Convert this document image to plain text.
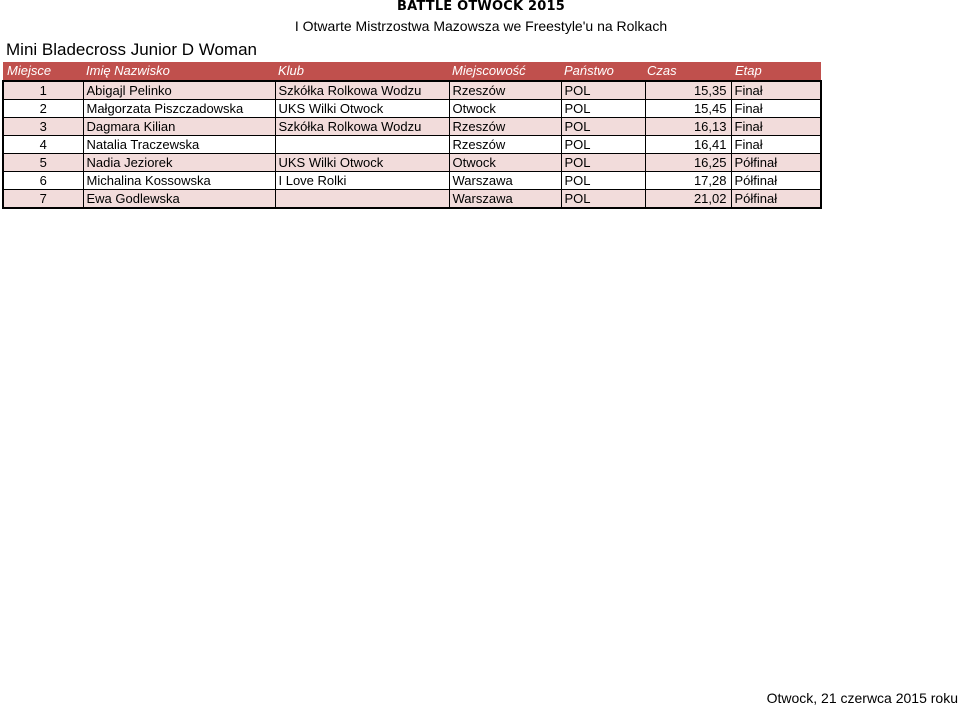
BATTLE OTWOCK 2015
I Otwarte Mistrzostwa Mazowsza we Freestyle'u na Rolkach
Mini Bladecross Junior D Woman
Miejsce	Imię Nazwisko	Klub	Miejscowość	Państwo	Czas	Etap
1	Abigajl Pelinko	Szkółka Rolkowa Wodzu	Rzeszów	POL	15,35	Finał
2	Małgorzata Piszczadowska	UKS Wilki Otwock	Otwock	POL	15,45	Finał
3	Dagmara Kilian	Szkółka Rolkowa Wodzu	Rzeszów	POL	16,13	Finał
4	Natalia Traczewska		Rzeszów	POL	16,41	Finał
5	Nadia Jeziorek	UKS Wilki Otwock	Otwock	POL	16,25	Półfinał
6	Michalina Kossowska	I Love Rolki	Warszawa	POL	17,28	Półfinał
7	Ewa Godlewska		Warszawa	POL	21,02	Półfinał
Otwock, 21 czerwca 2015 roku
